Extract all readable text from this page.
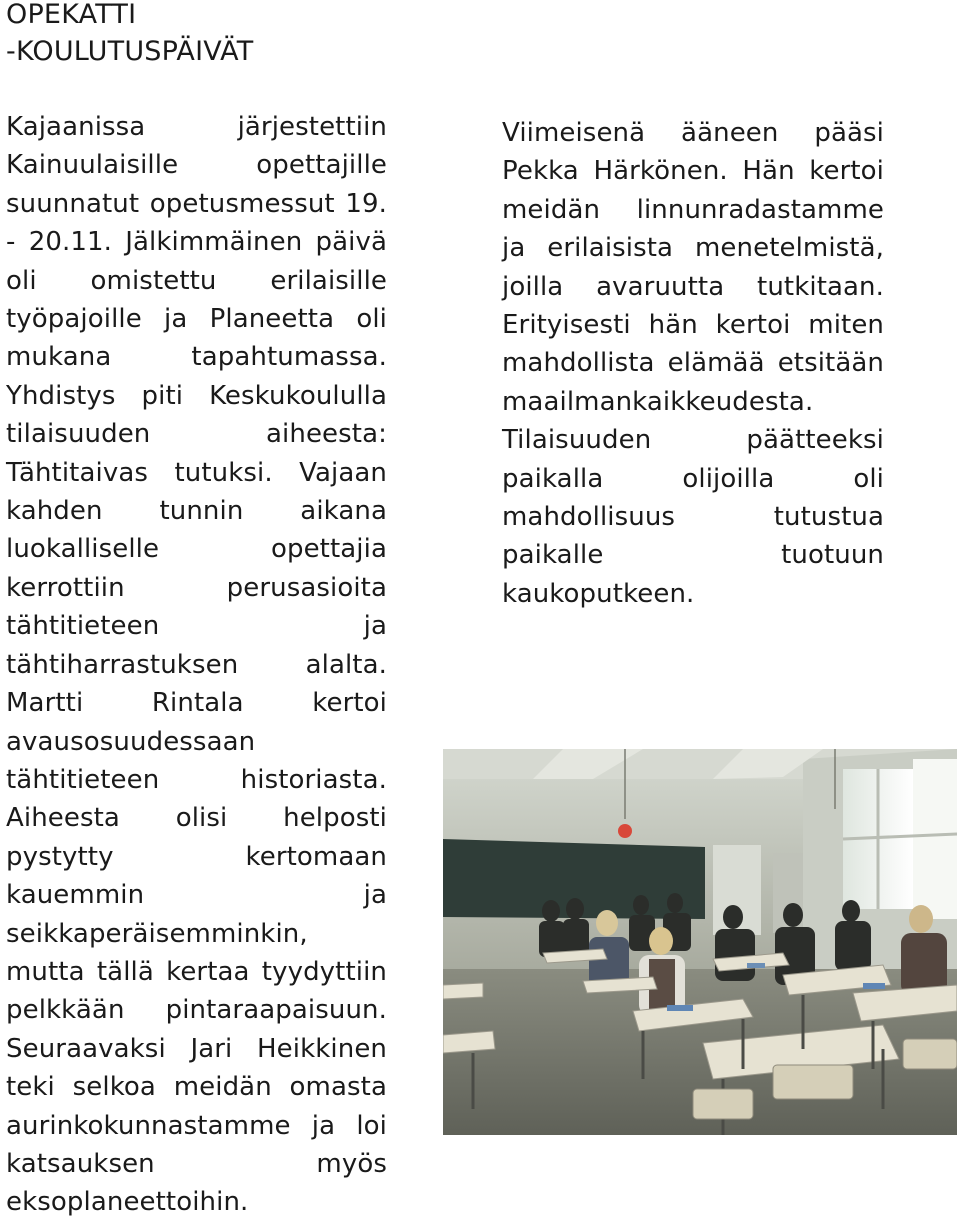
OPEKATTI
-KOULUTUSPÄIVÄT

Kajaanissa järjestettiin Kainuulaisille opettajille suunnatut opetusmessut 19. - 20.11. Jälkimmäinen päivä oli omistettu erilaisille työpajoille ja Planeetta oli mukana tapahtumassa. Yhdistys piti Keskukoululla tilaisuuden aiheesta: Tähtitaivas tutuksi. Vajaan kahden tunnin aikana luokalliselle opettajia kerrottiin perusasioita tähtitieteen ja tähtiharrastuksen alalta. Martti Rintala kertoi avausosuudessaan tähtitieteen historiasta. Aiheesta olisi helposti pystytty kertomaan kauemmin ja seikkaperäisemminkin, mutta tällä kertaa tyydyttiin pelkkään pintaraapaisuun. Seuraavaksi Jari Heikkinen teki selkoa meidän omasta aurinkokunnastamme ja loi katsauksen myös eksoplaneettoihin.

Viimeisenä ääneen pääsi Pekka Härkönen. Hän kertoi meidän linnunradastamme ja erilaisista menetelmistä, joilla avaruutta tutkitaan. Erityisesti hän kertoi miten mahdollista elämää etsitään maailmankaikkeudesta. Tilaisuuden päätteeksi paikalla olijoilla oli mahdollisuus tutustua paikalle tuotuun kaukoputkeen.
